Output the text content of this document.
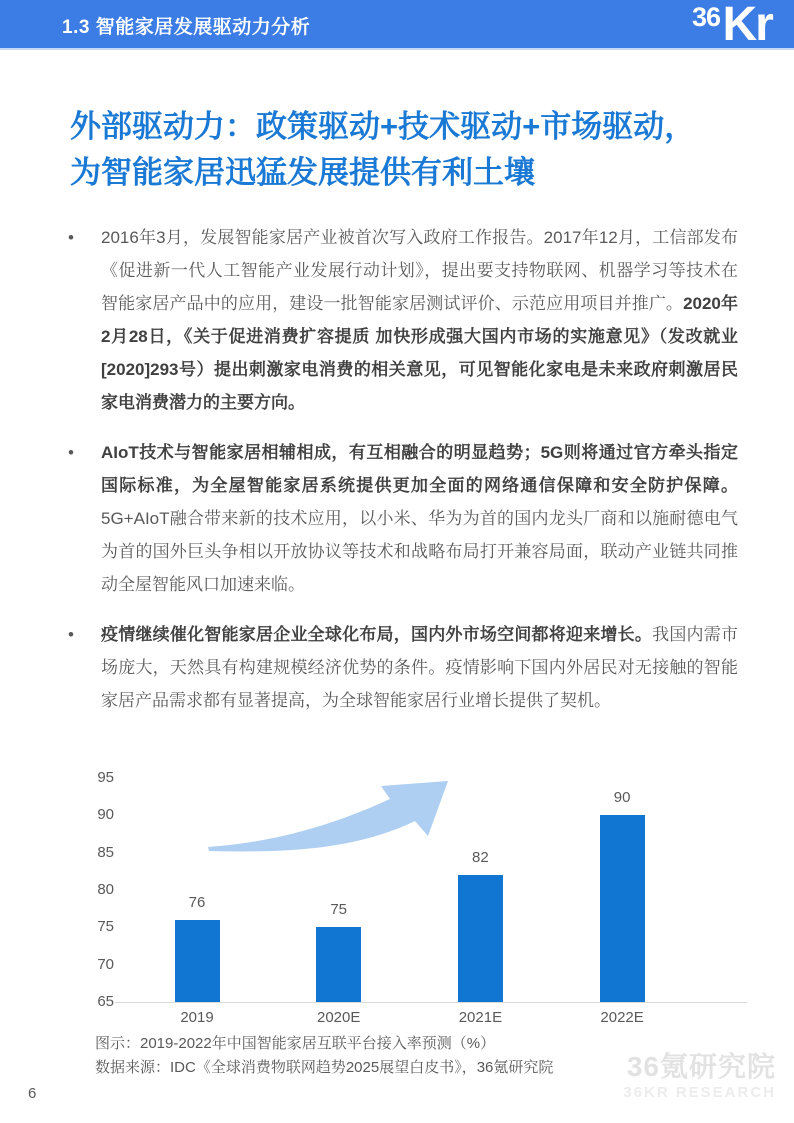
1.3 智能家居发展驱动力分析	36 Kr
外部驱动力：政策驱动+技术驱动+市场驱动，
为智能家居迅猛发展提供有利土壤
•	2016年3月，发展智能家居产业被首次写入政府工作报告。2017年12月，工信部发布《促进新一代人工智能产业发展行动计划》，提出要支持物联网、机器学习等技术在智能家居产品中的应用，建设一批智能家居测试评价、示范应用项目并推广。2020年2月28日，《关于促进消费扩容提质 加快形成强大国内市场的实施意见》（发改就业[2020]293号）提出刺激家电消费的相关意见，可见智能化家电是未来政府刺激居民家电消费潜力的主要方向。

•	AIoT技术与智能家居相辅相成，有互相融合的明显趋势；5G则将通过官方牵头指定国际标准，为全屋智能家居系统提供更加全面的网络通信保障和安全防护保障。5G+AIoT融合带来新的技术应用，以小米、华为为首的国内龙头厂商和以施耐德电气为首的国外巨头争相以开放协议等技术和战略布局打开兼容局面，联动产业链共同推动全屋智能风口加速来临。

•	疫情继续催化智能家居企业全球化布局，国内外市场空间都将迎来增长。我国内需市场庞大，天然具有构建规模经济优势的条件。疫情影响下国内外居民对无接触的智能家居产品需求都有显著提高，为全球智能家居行业增长提供了契机。

95
90
85
80
75
70
65
76
2019
75
2020E
82
2021E
90
2022E
图示：2019-2022年中国智能家居互联平台接入率预测（%）
数据来源：IDC《全球消费物联网趋势2025展望白皮书》，36氪研究院
6
36氪研究院
36KR RESEARCH
